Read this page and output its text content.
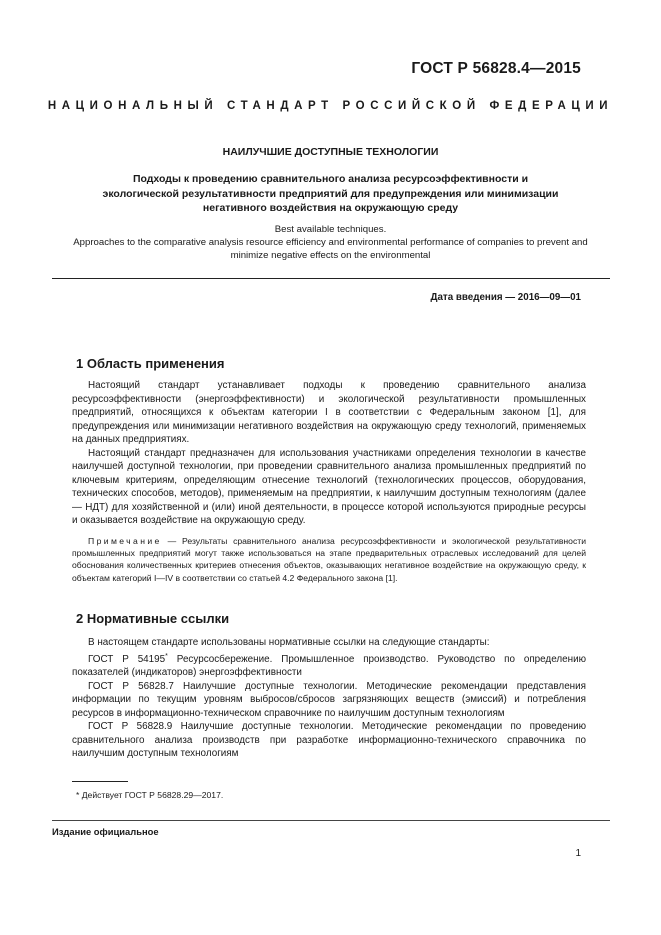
ГОСТ Р 56828.4—2015
НАЦИОНАЛЬНЫЙ СТАНДАРТ РОССИЙСКОЙ ФЕДЕРАЦИИ
НАИЛУЧШИЕ ДОСТУПНЫЕ ТЕХНОЛОГИИ
Подходы к проведению сравнительного анализа ресурсоэффективности и экологической результативности предприятий для предупреждения или минимизации негативного воздействия на окружающую среду
Best available techniques.
Approaches to the comparative analysis resource efficiency and environmental performance of companies to prevent and minimize negative effects on the environmental
Дата введения — 2016—09—01
1 Область применения

Настоящий стандарт устанавливает подходы к проведению сравнительного анализа ресурсоэффективности (энергоэффективности) и экологической результативности промышленных предприятий, относящихся к объектам категории I в соответствии с Федеральным законом [1], для предупреждения или минимизации негативного воздействия на окружающую среду технологий, применяемых на данных предприятиях.

Настоящий стандарт предназначен для использования участниками определения технологии в качестве наилучшей доступной технологии, при проведении сравнительного анализа промышленных предприятий по ключевым критериям, определяющим отнесение технологий (технологических процессов, оборудования, технических способов, методов), применяемым на предприятии, к наилучшим доступным технологиям (далее — НДТ) для хозяйственной и (или) иной деятельности, в процессе которой используются природные ресурсы и оказывается воздействие на окружающую среду.

Примечание — Результаты сравнительного анализа ресурсоэффективности и экологической результативности промышленных предприятий могут также использоваться на этапе предварительных отраслевых исследований для целей обоснования количественных критериев отнесения объектов, оказывающих негативное воздействие на окружающую среду, к объектам категорий I—IV в соответствии со статьей 4.2 Федерального закона [1].
2 Нормативные ссылки

В настоящем стандарте использованы нормативные ссылки на следующие стандарты:

ГОСТ Р 54195* Ресурсосбережение. Промышленное производство. Руководство по определению показателей (индикаторов) энергоэффективности

ГОСТ Р 56828.7 Наилучшие доступные технологии. Методические рекомендации представления информации по текущим уровням выбросов/сбросов загрязняющих веществ (эмиссий) и потребления ресурсов в информационно-техническом справочнике по наилучшим доступным технологиям

ГОСТ Р 56828.9 Наилучшие доступные технологии. Методические рекомендации по проведению сравнительного анализа производств при разработке информационно-технического справочника по наилучшим доступным технологиям

* Действует ГОСТ Р 56828.29—2017.
Издание официальное
1
